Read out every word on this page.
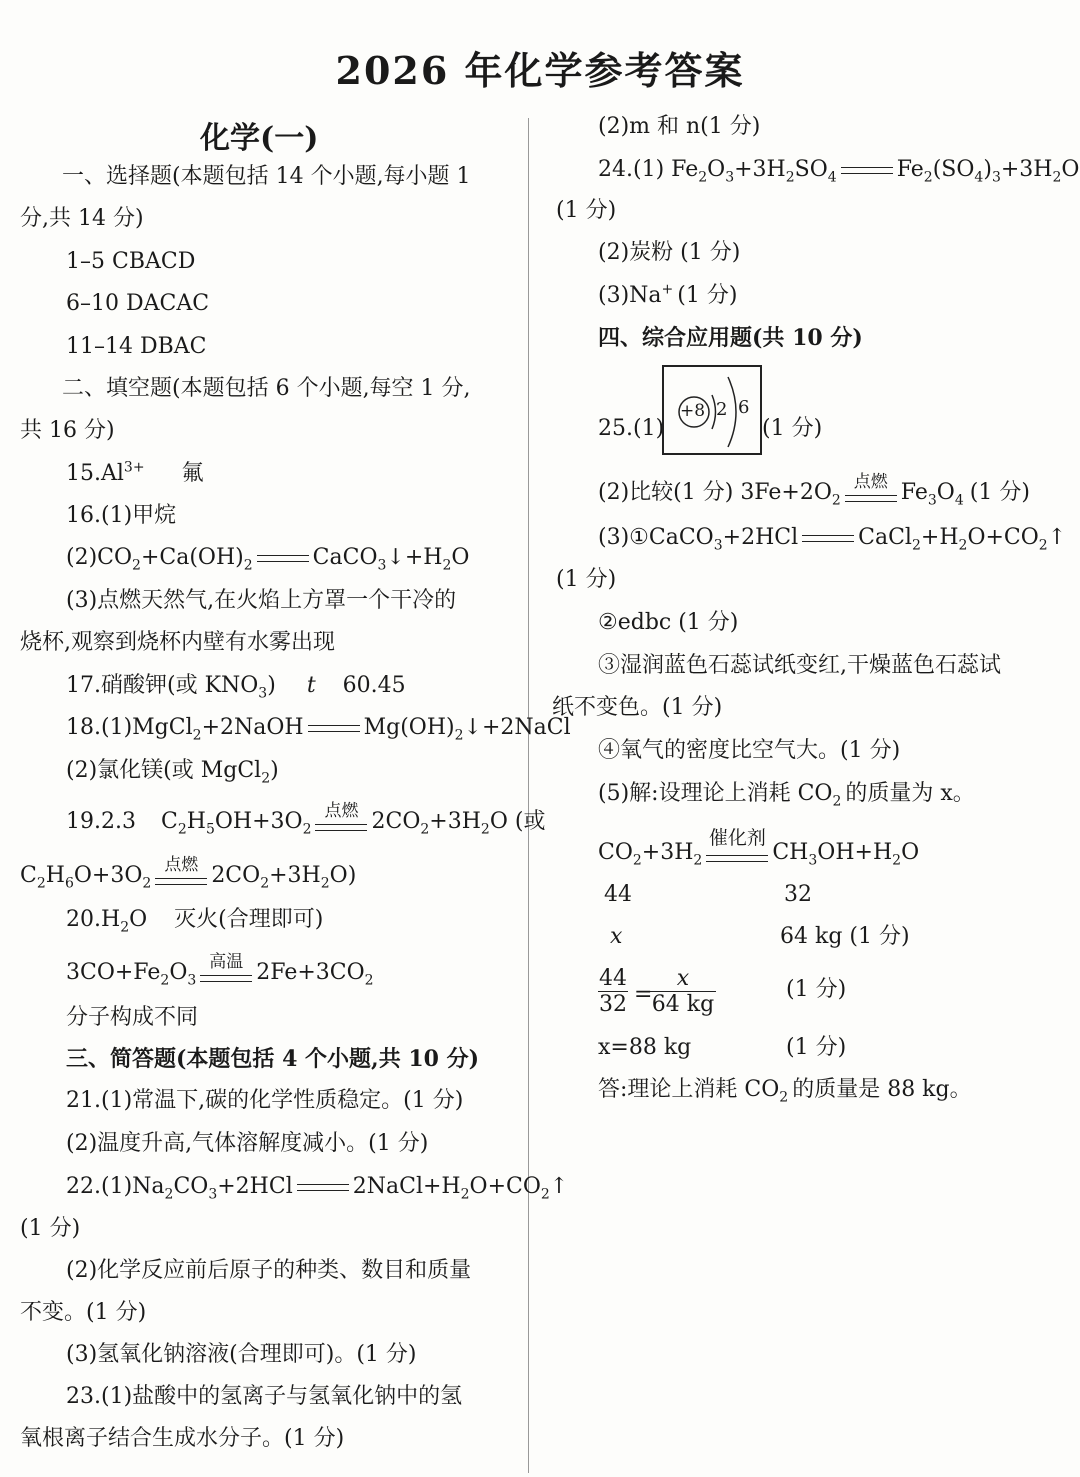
2026 年化学参考答案
化学(一)
一、选择题(本题包括 14 个小题,每小题 1
分,共 14 分)
1–5 CBACD
6–10 DACAC
11–14 DBAC
二、填空题(本题包括 6 个小题,每空 1 分,
共 16 分)
$15.Al^{3+}$ 氟
16.(1)甲烷
$(2)CO_2+Ca(OH)_2$	$CaCO_3↓+H_2O$
(3)点燃天然气,在火焰上方罩一个干冷的
烧杯,观察到烧杯内壁有水雾出现
17.硝酸钾(或 $KNO_3$) t 60.45
18.(1)MgCl$_2$+2NaOH	$Mg(OH)_2↓+2NaCl$
(2)氯化镁(或 MgCl$_2$)
19.2.3 $C_2H_5OH+3O_2$
点燃 $2CO_2+3H_2O$ (或
$C_2H_6O+3O_2$
点燃 $2CO_2+3H_2O$)
$20.H_2O$ 灭火(合理即可)
$3CO+Fe_2O_3$
高温 $2Fe+3CO_2$
分子构成不同
三、简答题(本题包括 4 个小题,共 10 分)
21.(1)常温下,碳的化学性质稳定。(1 分)
(2)温度升高,气体溶解度减小。(1 分)
$22.(1)Na_2CO_3+2HCl$	$2NaCl+H_2O+CO_2↑$
(1 分)
(2)化学反应前后原子的种类、数目和质量
不变。(1 分)
(3)氢氧化钠溶液(合理即可)。(1 分)
23.(1)盐酸中的氢离子与氢氧化钠中的氢
氧根离子结合生成水分子。(1 分)
(2)m 和 n(1 分)
24.(1) $Fe_2O_3+3H_2SO_4$	$Fe_2(SO_4)_3+3H_2O$
(1 分)
(2)炭粉 (1 分)
(3)Na+ (1 分)
四、综合应用题(共 10 分)
25.(1)
+8 2 6
(1 分)
(2)比较(1 分) $3Fe+2O_2$
点燃 $Fe_3O_4$ (1 分)
(3)①CaCO$_3$+2HCl	$CaCl_2+H_2O+CO_2↑$
(1 分)
②edbc (1 分)
③湿润蓝色石蕊试纸变红,干燥蓝色石蕊试
纸不变色。(1 分)
④氧气的密度比空气大。(1 分)
(5)解:设理论上消耗 $CO_2$ 的质量为 x。
$CO_2+3H_2$
催化剂
$CH_3OH+H_2O$
44	32
x	64 kg (1 分)
$\frac{44}{32}$ =
$\frac{x}{64 kg}$	(1 分)
x=88 kg	(1 分)
答:理论上消耗 $CO_2$ 的质量是 88 kg。
